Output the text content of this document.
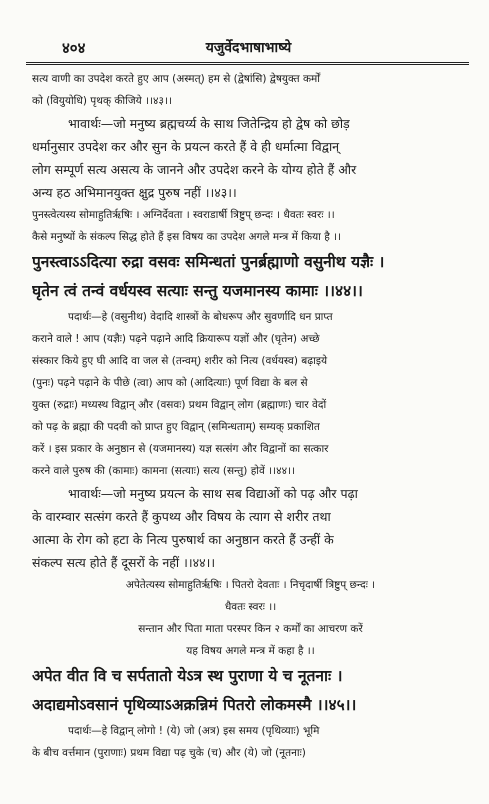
४०४	यजुर्वेदभाषाभाष्ये

सत्य वाणी का उपदेश करते हुए आप (अस्मत्) हम से (द्वेषांसि) द्वेषयुक्त कर्मों

को (वियुयोधि) पृथक् कीजिये ।।४३।।

भावार्थः—जो मनुष्य ब्रह्मचर्य्य के साथ जितेन्द्रिय हो द्वेष को छोड़

धर्मानुसार उपदेश कर और सुन के प्रयत्न करते हैं वे ही धर्मात्मा विद्वान्

लोग सम्पूर्ण सत्य असत्य के जानने और उपदेश करने के योग्य होते हैं और

अन्य हठ अभिमानयुक्त क्षुद्र पुरुष नहीं ।।४३।।

पुनस्त्वेत्यस्य सोमाहुतिर्ऋषिः । अग्निर्देवता । स्वराडार्षी त्रिष्टुप् छन्दः । धैवतः स्वरः ।।

कैसे मनुष्यों के संकल्प सिद्ध होते हैं इस विषय का उपदेश अगले मन्त्र में किया है ।।

पुनस्त्वाऽऽदित्या रुद्रा वसवः समिन्धतां पुनर्ब्रह्माणो वसुनीथ यज्ञैः ।

घृतेन त्वं तन्वं वर्धयस्व सत्याः सन्तु यजमानस्य कामाः ।।४४।।

पदार्थः—हे (वसुनीथ) वेदादि शास्त्रों के बोधरूप और सुवर्णादि धन प्राप्त

कराने वाले ! आप (यज्ञैः) पढ़ने पढ़ाने आदि क्रियारूप यज्ञों और (घृतेन) अच्छे

संस्कार किये हुए घी आदि वा जल से (तन्वम्) शरीर को नित्य (वर्धयस्व) बढ़ाइये

(पुनः) पढ़ने पढ़ाने के पीछे (त्वा) आप को (आदित्याः) पूर्ण विद्या के बल से

युक्त (रुद्राः) मध्यस्थ विद्वान् और (वसवः) प्रथम विद्वान् लोग (ब्रह्माणः) चार वेदों

को पढ़ के ब्रह्मा की पदवी को प्राप्त हुए विद्वान् (समिन्धताम्) सम्यक् प्रकाशित

करें । इस प्रकार के अनुष्ठान से (यजमानस्य) यज्ञ सत्संग और विद्वानों का सत्कार

करने वाले पुरुष की (कामाः) कामना (सत्याः) सत्य (सन्तु) होवें ।।४४।।

भावार्थः—जो मनुष्य प्रयत्न के साथ सब विद्याओं को पढ़ और पढ़ा

के वारम्वार सत्संग करते हैं कुपथ्य और विषय के त्याग से शरीर तथा

आत्मा के रोग को हटा के नित्य पुरुषार्थ का अनुष्ठान करते हैं उन्हीं के

संकल्प सत्य होते हैं दूसरों के नहीं ।।४४।।

अपेतेत्यस्य सोमाहुतिर्ऋषिः । पितरो देवताः । निचृदार्षी त्रिष्टुप् छन्दः ।

धैवतः स्वरः ।।

सन्तान और पिता माता परस्पर किन २ कर्मों का आचरण करें

यह विषय अगले मन्त्र में कहा है ।।

अपेत वीत वि च सर्पतातो येऽत्र स्थ पुराणा ये च नूतनाः ।

अदाद्यमोऽवसानं पृथिव्याऽअक्रन्निमं पितरो लोकमस्मै ।।४५।।

पदार्थः—हे विद्वान् लोगो ! (ये) जो (अत्र) इस समय (पृथिव्याः) भूमि

के बीच वर्त्तमान (पुराणाः) प्रथम विद्या पढ़ चुके (च) और (ये) जो (नूतनाः)
